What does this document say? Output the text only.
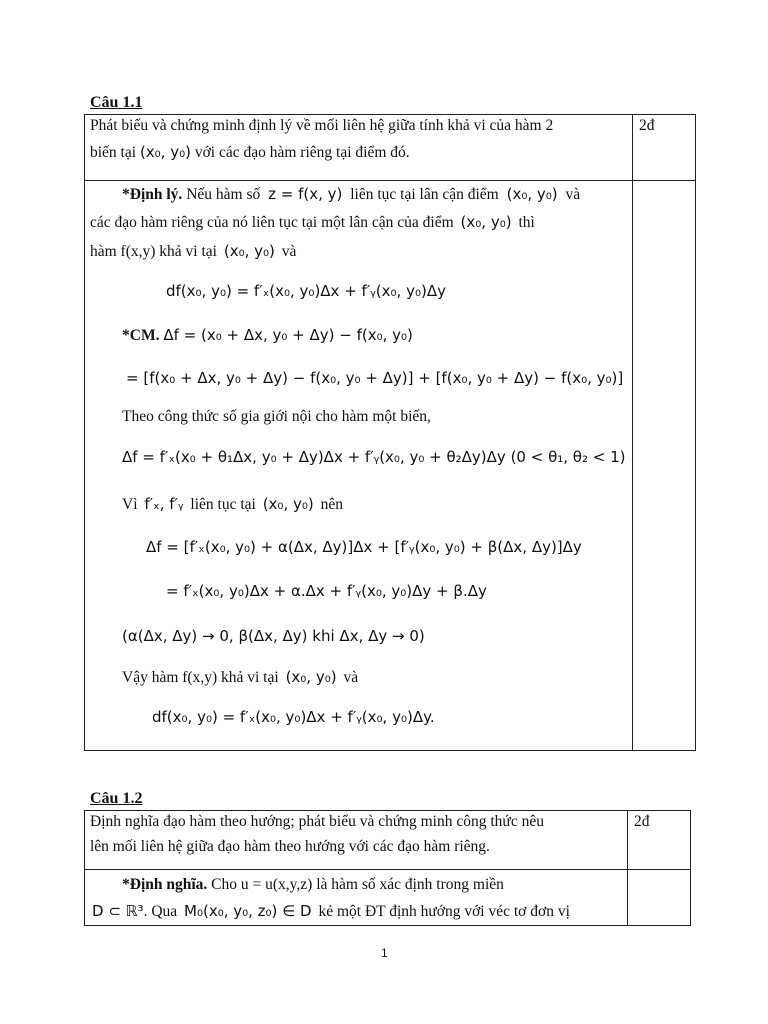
Câu 1.1
Phát biểu và chứng minh định lý về mối liên hệ giữa tính khả vi của hàm 2
biến tại (x₀, y₀) với các đạo hàm riêng tại điểm đó.
2đ
*Định lý. Nếu hàm số z = f(x, y) liên tục tại lân cận điểm (x₀, y₀) và
các đạo hàm riêng của nó liên tục tại một lân cận của điểm (x₀, y₀) thì
hàm f(x,y) khả vi tại (x₀, y₀) và
df(x₀, y₀) = f′ₓ(x₀, y₀)Δx + f′ᵧ(x₀, y₀)Δy
*CM. Δf = (x₀ + Δx, y₀ + Δy) − f(x₀, y₀)
= [f(x₀ + Δx, y₀ + Δy) − f(x₀, y₀ + Δy)] + [f(x₀, y₀ + Δy) − f(x₀, y₀)]
Theo công thức số gia giới nội cho hàm một biến,
Δf = f′ₓ(x₀ + θ₁Δx, y₀ + Δy)Δx + f′ᵧ(x₀, y₀ + θ₂Δy)Δy (0 < θ₁, θ₂ < 1)
Vì f′ₓ, f′ᵧ liên tục tại (x₀, y₀) nên
Δf = [f′ₓ(x₀, y₀) + α(Δx, Δy)]Δx + [f′ᵧ(x₀, y₀) + β(Δx, Δy)]Δy
= f′ₓ(x₀, y₀)Δx + α.Δx + f′ᵧ(x₀, y₀)Δy + β.Δy
(α(Δx, Δy) → 0, β(Δx, Δy) khi Δx, Δy → 0)
Vậy hàm f(x,y) khả vi tại (x₀, y₀) và
df(x₀, y₀) = f′ₓ(x₀, y₀)Δx + f′ᵧ(x₀, y₀)Δy.
Câu 1.2
Định nghĩa đạo hàm theo hướng; phát biểu và chứng minh công thức nêu
lên mối liên hệ giữa đạo hàm theo hướng với các đạo hàm riêng.
2đ
*Định nghĩa. Cho u = u(x,y,z) là hàm số xác định trong miền
D ⊂ ℝ³. Qua M₀(x₀, y₀, z₀) ∈ D kẻ một ĐT định hướng với véc tơ đơn vị
1
